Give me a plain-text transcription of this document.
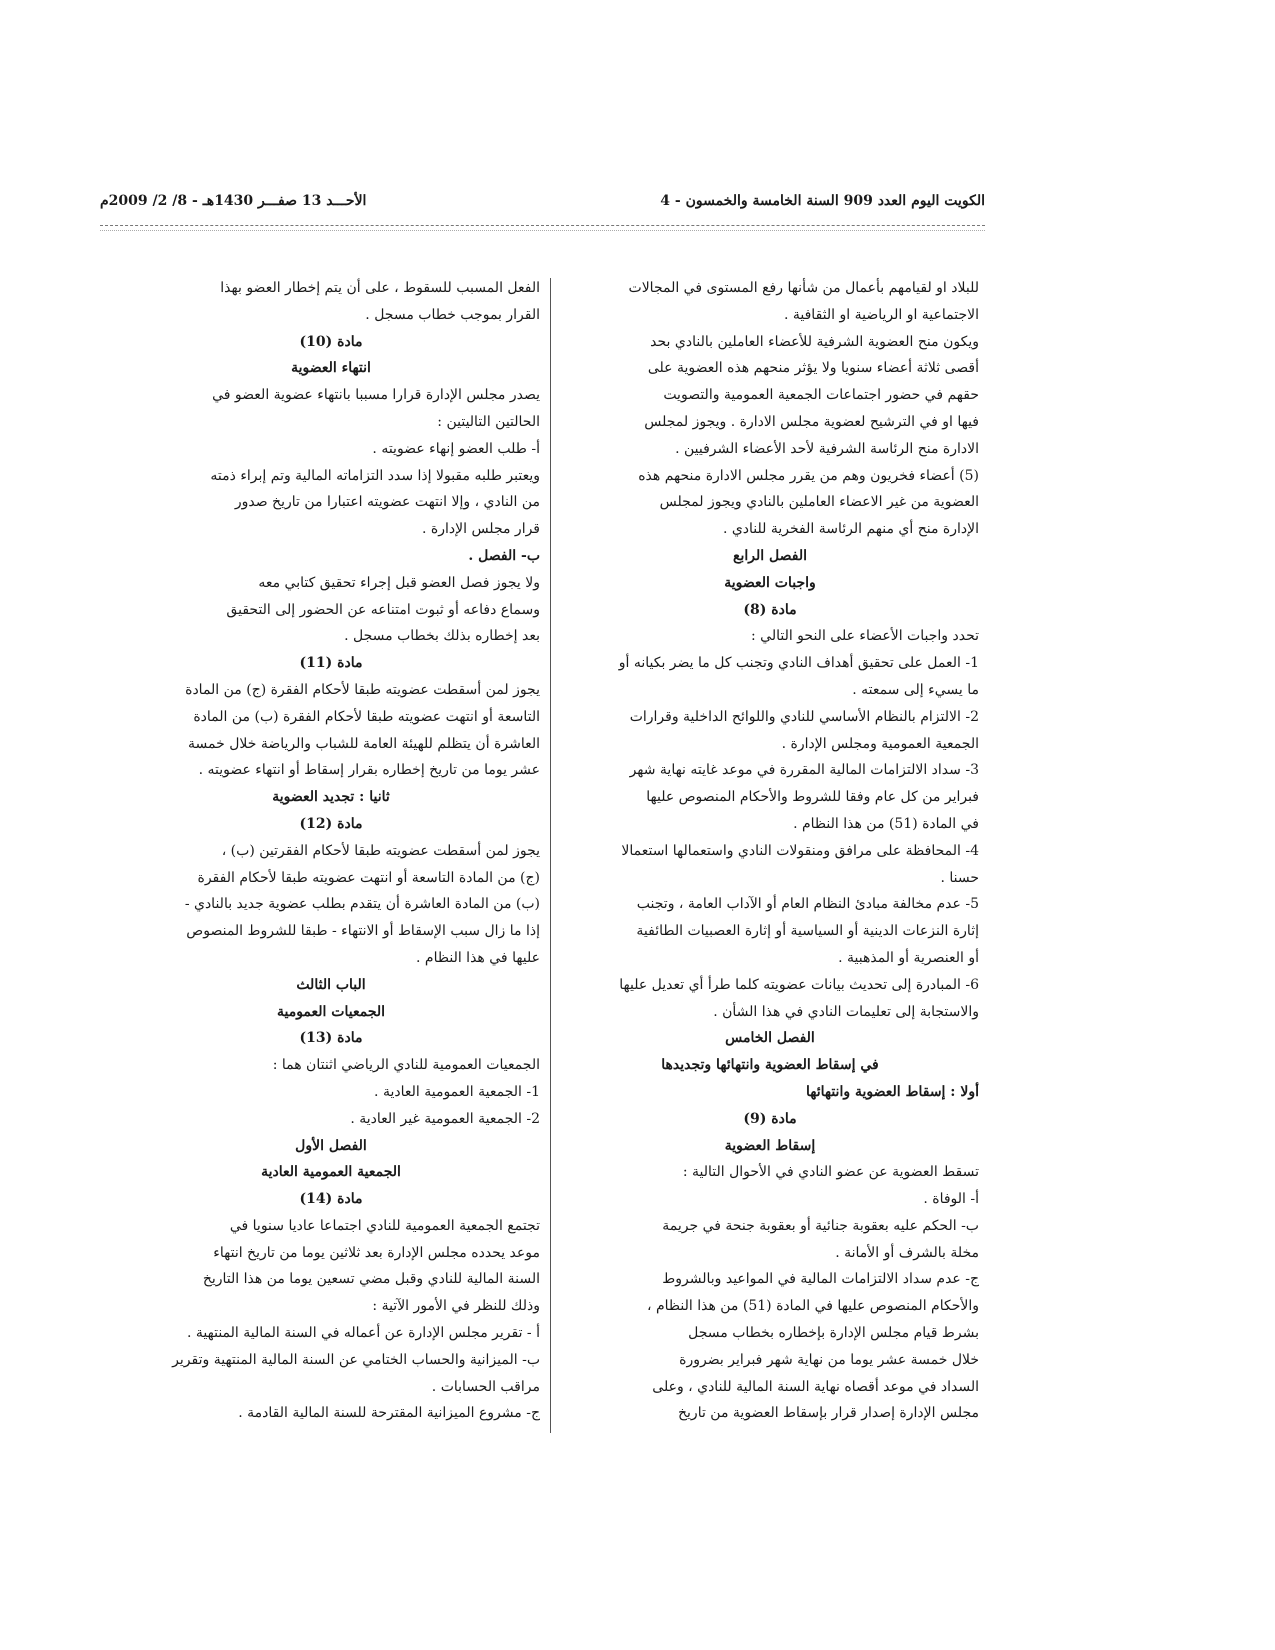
الكويت اليوم العدد 909 السنة الخامسة والخمسون - 4
الأحـــد 13 صفـــر 1430هـ - 8/ 2/ 2009م
للبلاد او لقيامهم بأعمال من شأنها رفع المستوى في المجالات
الاجتماعية او الرياضية او الثقافية .
ويكون منح العضوية الشرفية للأعضاء العاملين بالنادي بحد
أقصى ثلاثة أعضاء سنويا ولا يؤثر منحهم هذه العضوية على
حقهم في حضور اجتماعات الجمعية العمومية والتصويت
فيها او في الترشيح لعضوية مجلس الادارة . ويجوز لمجلس
الادارة منح الرئاسة الشرفية لأحد الأعضاء الشرفيين .
(5) أعضاء فخريون وهم من يقرر مجلس الادارة منحهم هذه
العضوية من غير الاعضاء العاملين بالنادي ويجوز لمجلس
الإدارة منح أي منهم الرئاسة الفخرية للنادي .
الفصل الرابع
واجبات العضوية
مادة (8)
تحدد واجبات الأعضاء على النحو التالي :
1- العمل على تحقيق أهداف النادي وتجنب كل ما يضر بكيانه أو
ما يسيء إلى سمعته .
2- الالتزام بالنظام الأساسي للنادي واللوائح الداخلية وقرارات
الجمعية العمومية ومجلس الإدارة .
3- سداد الالتزامات المالية المقررة في موعد غايته نهاية شهر
فبراير من كل عام وفقا للشروط والأحكام المنصوص عليها
في المادة (51) من هذا النظام .
4- المحافظة على مرافق ومنقولات النادي واستعمالها استعمالا
حسنا .
5- عدم مخالفة مبادئ النظام العام أو الآداب العامة ، وتجنب
إثارة النزعات الدينية أو السياسية أو إثارة العصبيات الطائفية
أو العنصرية أو المذهبية .
6- المبادرة إلى تحديث بيانات عضويته كلما طرأ أي تعديل عليها
والاستجابة إلى تعليمات النادي في هذا الشأن .
الفصل الخامس
في إسقاط العضوية وانتهائها وتجديدها
أولا : إسقاط العضوية وانتهائها
مادة (9)
إسقاط العضوية
تسقط العضوية عن عضو النادي في الأحوال التالية :
أ- الوفاة .
ب- الحكم عليه بعقوبة جنائية أو بعقوبة جنحة في جريمة
مخلة بالشرف أو الأمانة .
ج- عدم سداد الالتزامات المالية في المواعيد وبالشروط
والأحكام المنصوص عليها في المادة (51) من هذا النظام ،
بشرط قيام مجلس الإدارة بإخطاره بخطاب مسجل
خلال خمسة عشر يوما من نهاية شهر فبراير بضرورة
السداد في موعد أقصاه نهاية السنة المالية للنادي ، وعلى
مجلس الإدارة إصدار قرار بإسقاط العضوية من تاريخ
الفعل المسبب للسقوط ، على أن يتم إخطار العضو بهذا
القرار بموجب خطاب مسجل .
مادة (10)
انتهاء العضوية
يصدر مجلس الإدارة قرارا مسببا بانتهاء عضوية العضو في
الحالتين التاليتين :
أ- طلب العضو إنهاء عضويته .
ويعتبر طلبه مقبولا إذا سدد التزاماته المالية وتم إبراء ذمته
من النادي ، وإلا انتهت عضويته اعتبارا من تاريخ صدور
قرار مجلس الإدارة .
ب- الفصل .
ولا يجوز فصل العضو قبل إجراء تحقيق كتابي معه
وسماع دفاعه أو ثبوت امتناعه عن الحضور إلى التحقيق
بعد إخطاره بذلك بخطاب مسجل .
مادة (11)
يجوز لمن أسقطت عضويته طبقا لأحكام الفقرة (ج) من المادة
التاسعة أو انتهت عضويته طبقا لأحكام الفقرة (ب) من المادة
العاشرة أن يتظلم للهيئة العامة للشباب والرياضة خلال خمسة
عشر يوما من تاريخ إخطاره بقرار إسقاط أو انتهاء عضويته .
ثانيا : تجديد العضوية
مادة (12)
يجوز لمن أسقطت عضويته طبقا لأحكام الفقرتين (ب) ،
(ج) من المادة التاسعة أو انتهت عضويته طبقا لأحكام الفقرة
(ب) من المادة العاشرة أن يتقدم بطلب عضوية جديد بالنادي -
إذا ما زال سبب الإسقاط أو الانتهاء - طبقا للشروط المنصوص
عليها في هذا النظام .
الباب الثالث
الجمعيات العمومية
مادة (13)
الجمعيات العمومية للنادي الرياضي اثنتان هما :
1- الجمعية العمومية العادية .
2- الجمعية العمومية غير العادية .
الفصل الأول
الجمعية العمومية العادية
مادة (14)
تجتمع الجمعية العمومية للنادي اجتماعا عاديا سنويا في
موعد يحدده مجلس الإدارة بعد ثلاثين يوما من تاريخ انتهاء
السنة المالية للنادي وقبل مضي تسعين يوما من هذا التاريخ
وذلك للنظر في الأمور الآتية :
أ - تقرير مجلس الإدارة عن أعماله في السنة المالية المنتهية .
ب- الميزانية والحساب الختامي عن السنة المالية المنتهية وتقرير
مراقب الحسابات .
ج- مشروع الميزانية المقترحة للسنة المالية القادمة .
